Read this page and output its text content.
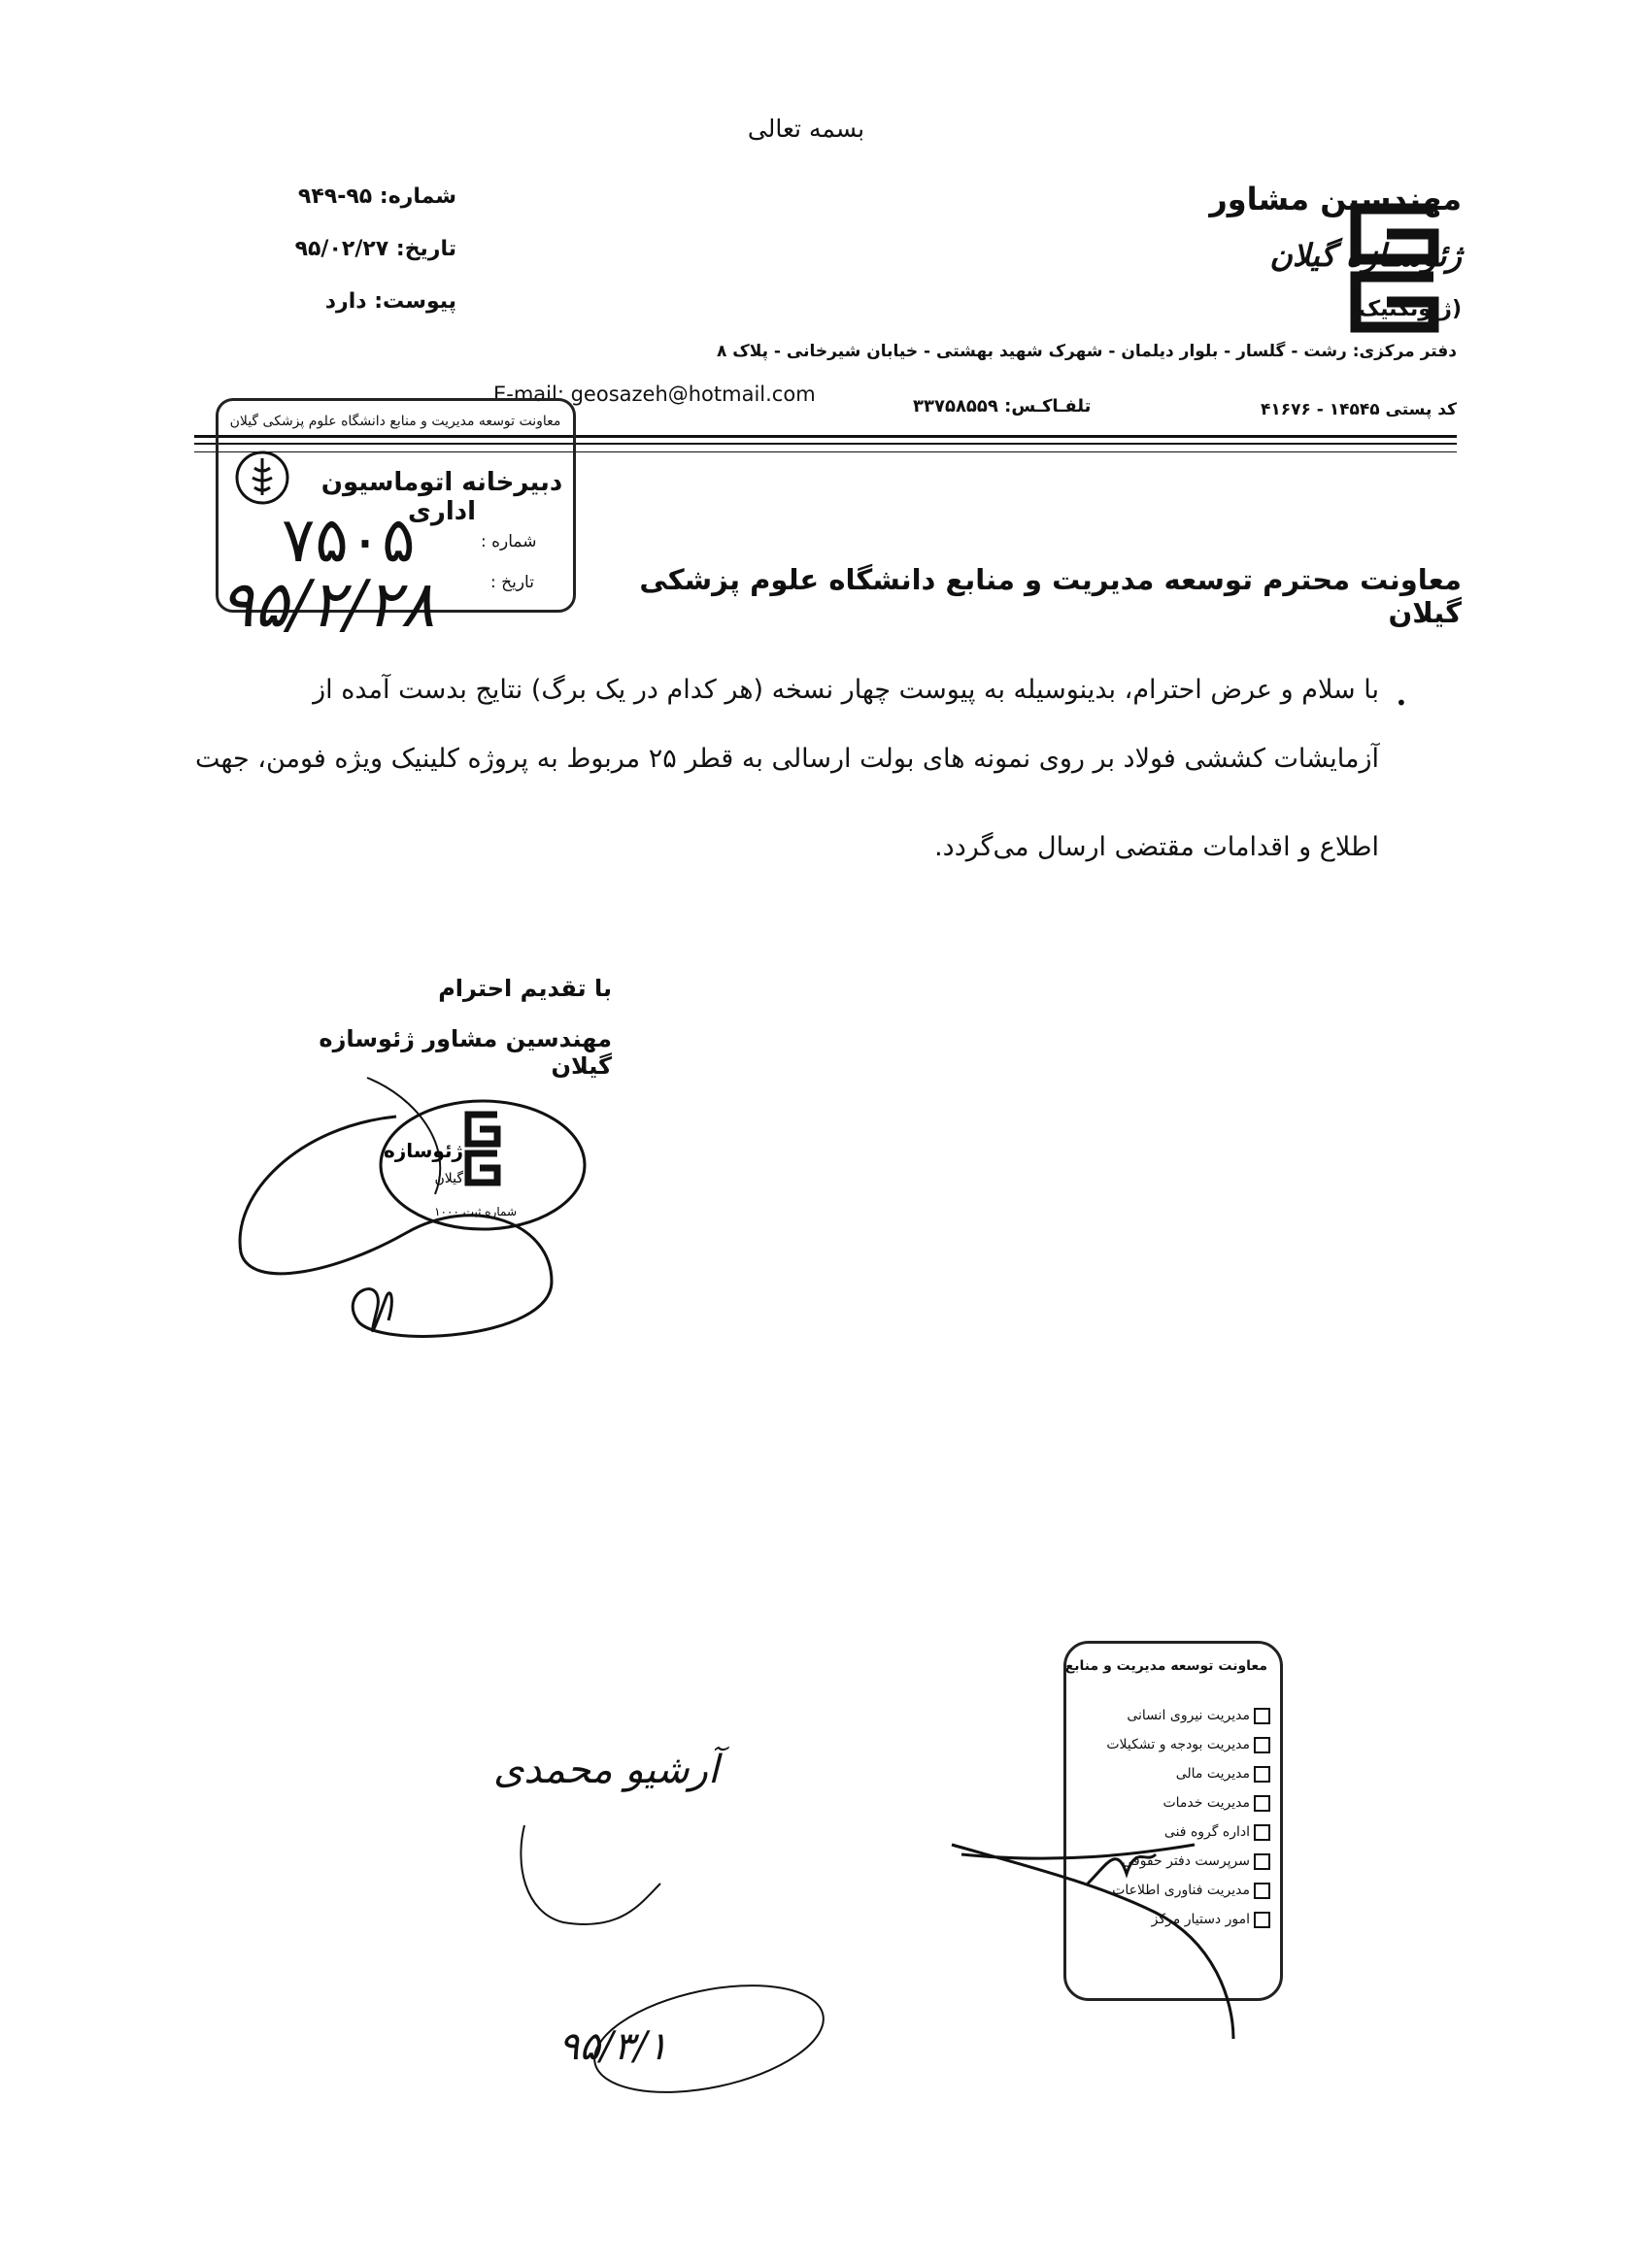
بسمه تعالی
شماره: ۹۵-۹۴۹
تاریخ: ۹۵/۰۲/۲۷
پیوست: دارد
مهندسین مشاور
ژئوسـازه گیلان
(ژئوتکنیک)
دفتر مرکزی: رشت - گلسار - بلوار دیلمان - شهرک شهید بهشتی - خیابان شیرخانی - پلاک ۸
کد پستی ۱۴۵۴۵ - ۴۱۶۷۶
تلفـاکـس: ۳۳۷۵۸۵۵۹
E-mail: geosazeh@hotmail.com
معاونت توسعه مدیریت و منابع دانشگاه علوم پزشکی گیلان
دبیرخانه اتوماسیون اداری
۷۵۰۵	شماره :
تاریخ :
۹۵/۲/۲۸	معاونت محترم توسعه مدیریت و منابع دانشگاه علوم پزشکی گیلان
•
با سلام و عرض احترام، بدینوسیله به پیوست چهار نسخه (هر کدام در یک برگ) نتایج بدست آمده از
آزمایشات کششی فولاد بر روی نمونه های بولت ارسالی به قطر ۲۵ مربوط به پروژه کلینیک ویژه فومن، جهت
اطلاع و اقدامات مقتضی ارسال می‌گردد.
با تقدیم احترام
مهندسین مشاور ژئوسازه گیلان
ژئوسازه
گیلان
شماره ثبت ۱۰۰۰
معاونت توسعه مدیریت و منابع
مدیریت نیروی انسانی
مدیریت بودجه و تشکیلات
مدیریت مالی
مدیریت خدمات
اداره گروه فنی
سرپرست دفتر حقوقی
مدیریت فناوری اطلاعات
امور دستیار مرکز
آرشیو محمدی
۹۵/۳/۱
